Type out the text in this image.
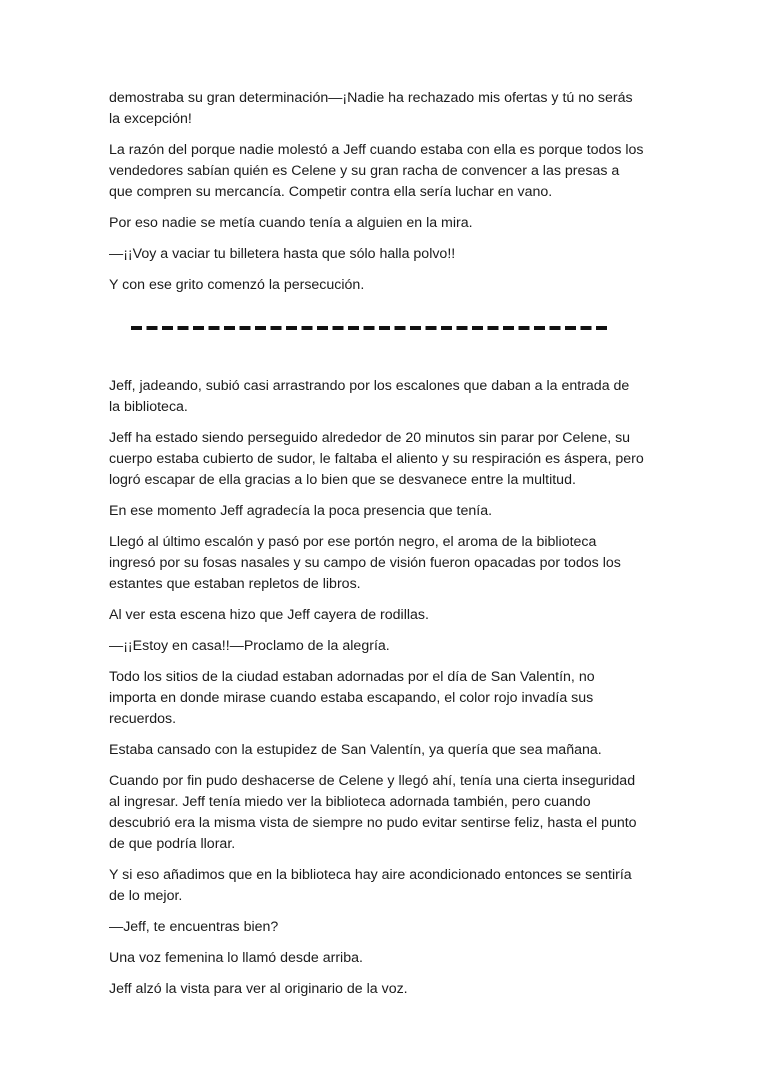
demostraba su gran determinación—¡Nadie ha rechazado mis ofertas y tú no serás la excepción!

La razón del porque nadie molestó a Jeff cuando estaba con ella es porque todos los vendedores sabían quién es Celene y su gran racha de convencer a las presas a que compren su mercancía. Competir contra ella sería luchar en vano.

Por eso nadie se metía cuando tenía a alguien en la mira.

—¡¡Voy a vaciar tu billetera hasta que sólo halla polvo!!

Y con ese grito comenzó la persecución.

Jeff, jadeando, subió casi arrastrando por los escalones que daban a la entrada de la biblioteca.

Jeff ha estado siendo perseguido alrededor de 20 minutos sin parar por Celene, su cuerpo estaba cubierto de sudor, le faltaba el aliento y su respiración es áspera, pero logró escapar de ella gracias a lo bien que se desvanece entre la multitud.

En ese momento Jeff agradecía la poca presencia que tenía.

Llegó al último escalón y pasó por ese portón negro, el aroma de la biblioteca ingresó por su fosas nasales y su campo de visión fueron opacadas por todos los estantes que estaban repletos de libros.

Al ver esta escena hizo que Jeff cayera de rodillas.

—¡¡Estoy en casa!!—Proclamo de la alegría.

Todo los sitios de la ciudad estaban adornadas por el día de San Valentín, no importa en donde mirase cuando estaba escapando, el color rojo invadía sus recuerdos.

Estaba cansado con la estupidez de San Valentín, ya quería que sea mañana.

Cuando por fin pudo deshacerse de Celene y llegó ahí, tenía una cierta inseguridad al ingresar. Jeff tenía miedo ver la biblioteca adornada también, pero cuando descubrió era la misma vista de siempre no pudo evitar sentirse feliz, hasta el punto de que podría llorar.

Y si eso añadimos que en la biblioteca hay aire acondicionado entonces se sentiría de lo mejor.

—Jeff, te encuentras bien?

Una voz femenina lo llamó desde arriba.

Jeff alzó la vista para ver al originario de la voz.
